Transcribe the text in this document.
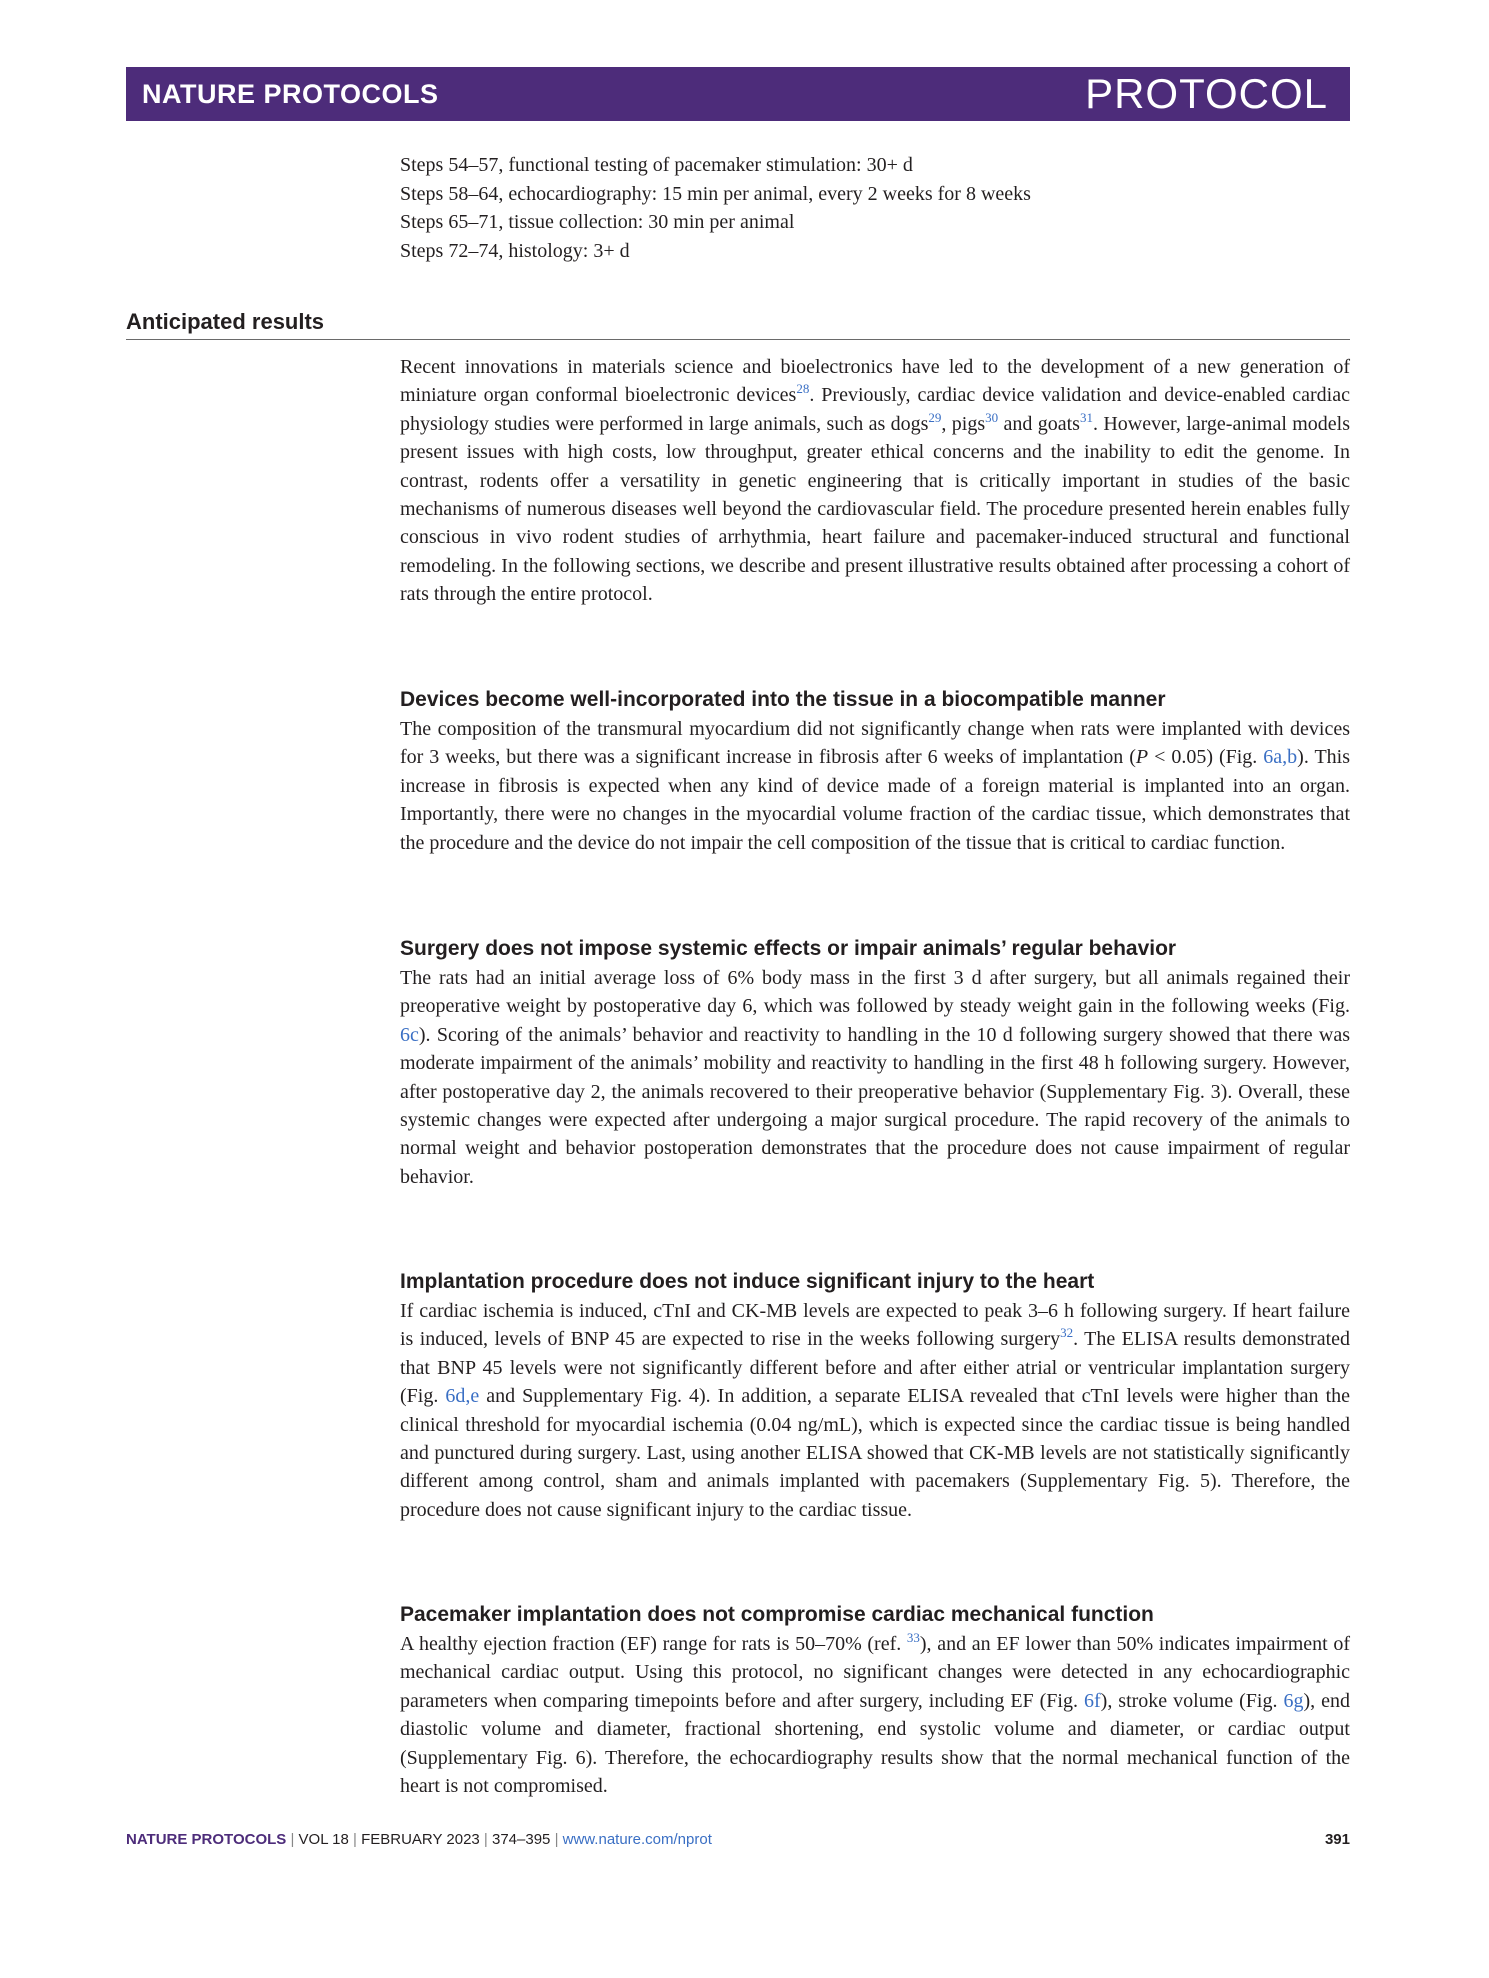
NATURE PROTOCOLS	PROTOCOL
Steps 54–57, functional testing of pacemaker stimulation: 30+ d
Steps 58–64, echocardiography: 15 min per animal, every 2 weeks for 8 weeks
Steps 65–71, tissue collection: 30 min per animal
Steps 72–74, histology: 3+ d
Anticipated results

Recent innovations in materials science and bioelectronics have led to the development of a new generation of miniature organ conformal bioelectronic devices$^{28}$. Previously, cardiac device validation and device-enabled cardiac physiology studies were performed in large animals, such as dogs$^{29}$, pigs$^{30}$ and goats$^{31}$. However, large-animal models present issues with high costs, low throughput, greater ethical concerns and the inability to edit the genome. In contrast, rodents offer a versatility in genetic engineering that is critically important in studies of the basic mechanisms of numerous diseases well beyond the cardiovascular field. The procedure presented herein enables fully conscious in vivo rodent studies of arrhythmia, heart failure and pacemaker-induced structural and functional remodeling. In the following sections, we describe and present illustrative results obtained after processing a cohort of rats through the entire protocol.

Devices become well-incorporated into the tissue in a biocompatible manner

The composition of the transmural myocardium did not significantly change when rats were implanted with devices for 3 weeks, but there was a significant increase in fibrosis after 6 weeks of implantation (P < 0.05) (Fig. 6a,b). This increase in fibrosis is expected when any kind of device made of a foreign material is implanted into an organ. Importantly, there were no changes in the myocardial volume fraction of the cardiac tissue, which demonstrates that the procedure and the device do not impair the cell composition of the tissue that is critical to cardiac function.

Surgery does not impose systemic effects or impair animals’ regular behavior

The rats had an initial average loss of 6% body mass in the first 3 d after surgery, but all animals regained their preoperative weight by postoperative day 6, which was followed by steady weight gain in the following weeks (Fig. 6c). Scoring of the animals’ behavior and reactivity to handling in the 10 d following surgery showed that there was moderate impairment of the animals’ mobility and reactivity to handling in the first 48 h following surgery. However, after postoperative day 2, the animals recovered to their preoperative behavior (Supplementary Fig. 3). Overall, these systemic changes were expected after undergoing a major surgical procedure. The rapid recovery of the animals to normal weight and behavior postoperation demonstrates that the procedure does not cause impairment of regular behavior.

Implantation procedure does not induce significant injury to the heart

If cardiac ischemia is induced, cTnI and CK-MB levels are expected to peak 3–6 h following surgery. If heart failure is induced, levels of BNP 45 are expected to rise in the weeks following surgery$^{32}$. The ELISA results demonstrated that BNP 45 levels were not significantly different before and after either atrial or ventricular implantation surgery (Fig. 6d,e and Supplementary Fig. 4). In addition, a separate ELISA revealed that cTnI levels were higher than the clinical threshold for myocardial ischemia (0.04 ng/mL), which is expected since the cardiac tissue is being handled and punctured during surgery. Last, using another ELISA showed that CK-MB levels are not statistically significantly different among control, sham and animals implanted with pacemakers (Supplementary Fig. 5). Therefore, the procedure does not cause significant injury to the cardiac tissue.

Pacemaker implantation does not compromise cardiac mechanical function

A healthy ejection fraction (EF) range for rats is 50–70% (ref. $^{33}$), and an EF lower than 50% indicates impairment of mechanical cardiac output. Using this protocol, no significant changes were detected in any echocardiographic parameters when comparing timepoints before and after surgery, including EF (Fig. 6f), stroke volume (Fig. 6g), end diastolic volume and diameter, fractional shortening, end systolic volume and diameter, or cardiac output (Supplementary Fig. 6). Therefore, the echocardiography results show that the normal mechanical function of the heart is not compromised.

NATURE PROTOCOLS | VOL 18 | FEBRUARY 2023 | 374–395 | www.nature.com/nprot	391
